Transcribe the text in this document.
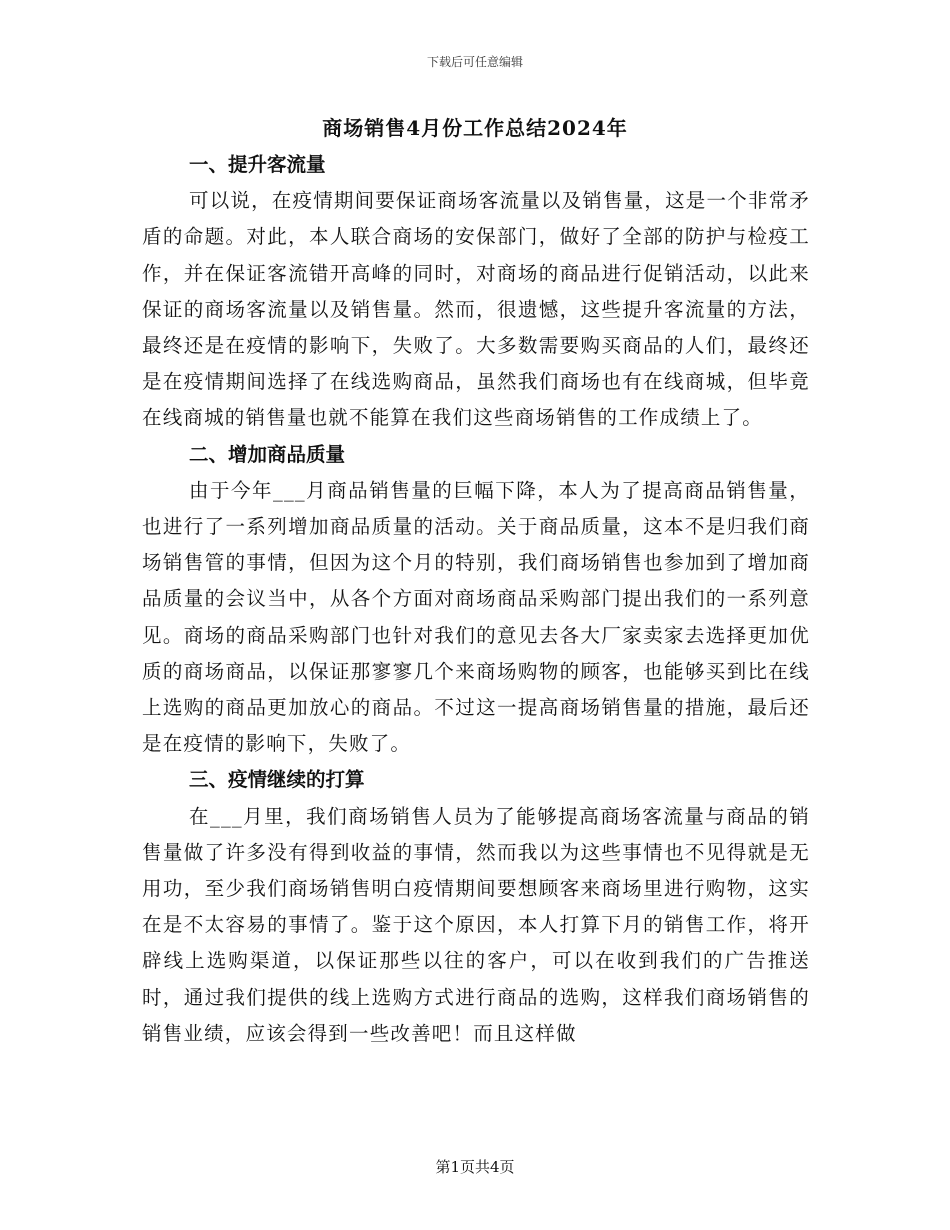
下载后可任意编辑
商场销售4月份工作总结2024年

一、提升客流量

可以说，在疫情期间要保证商场客流量以及销售量，这是一个非常矛盾的命题。对此，本人联合商场的安保部门，做好了全部的防护与检疫工作，并在保证客流错开高峰的同时，对商场的商品进行促销活动，以此来保证的商场客流量以及销售量。然而，很遗憾，这些提升客流量的方法，最终还是在疫情的影响下，失败了。大多数需要购买商品的人们，最终还是在疫情期间选择了在线选购商品，虽然我们商场也有在线商城，但毕竟在线商城的销售量也就不能算在我们这些商场销售的工作成绩上了。

二、增加商品质量

由于今年___月商品销售量的巨幅下降，本人为了提高商品销售量，也进行了一系列增加商品质量的活动。关于商品质量，这本不是归我们商场销售管的事情，但因为这个月的特别，我们商场销售也参加到了增加商品质量的会议当中，从各个方面对商场商品采购部门提出我们的一系列意见。商场的商品采购部门也针对我们的意见去各大厂家卖家去选择更加优质的商场商品，以保证那寥寥几个来商场购物的顾客，也能够买到比在线上选购的商品更加放心的商品。不过这一提高商场销售量的措施，最后还是在疫情的影响下，失败了。

三、疫情继续的打算

在___月里，我们商场销售人员为了能够提高商场客流量与商品的销售量做了许多没有得到收益的事情，然而我以为这些事情也不见得就是无用功，至少我们商场销售明白疫情期间要想顾客来商场里进行购物，这实在是不太容易的事情了。鉴于这个原因，本人打算下月的销售工作，将开辟线上选购渠道，以保证那些以往的客户，可以在收到我们的广告推送时，通过我们提供的线上选购方式进行商品的选购，这样我们商场销售的销售业绩，应该会得到一些改善吧！而且这样做

第1页共4页
